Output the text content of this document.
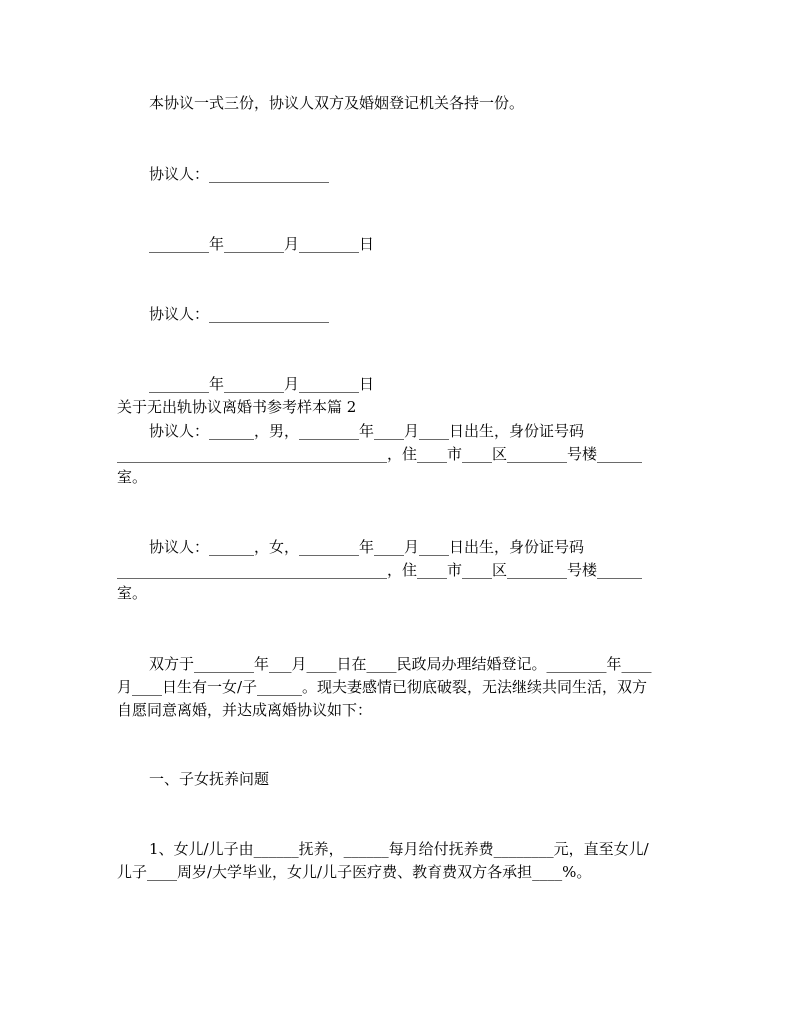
本协议一式三份，协议人双方及婚姻登记机关各持一份。
协议人：________________
________年________月________日
协议人：________________
________年________月________日
关于无出轨协议离婚书参考样本篇 2
协议人：______，男，________年____月____日出生，身份证号码
____________________________________，住____市____区________号楼______
室。
协议人：______，女，________年____月____日出生，身份证号码
____________________________________，住____市____区________号楼______
室。
双方于________年___月____日在____民政局办理结婚登记。________年____
月____日生有一女/子______。现夫妻感情已彻底破裂，无法继续共同生活，双方
自愿同意离婚，并达成离婚协议如下：
一、子女抚养问题
1、女儿/儿子由______抚养，______每月给付抚养费________元，直至女儿/
儿子____周岁/大学毕业，女儿/儿子医疗费、教育费双方各承担____%。
